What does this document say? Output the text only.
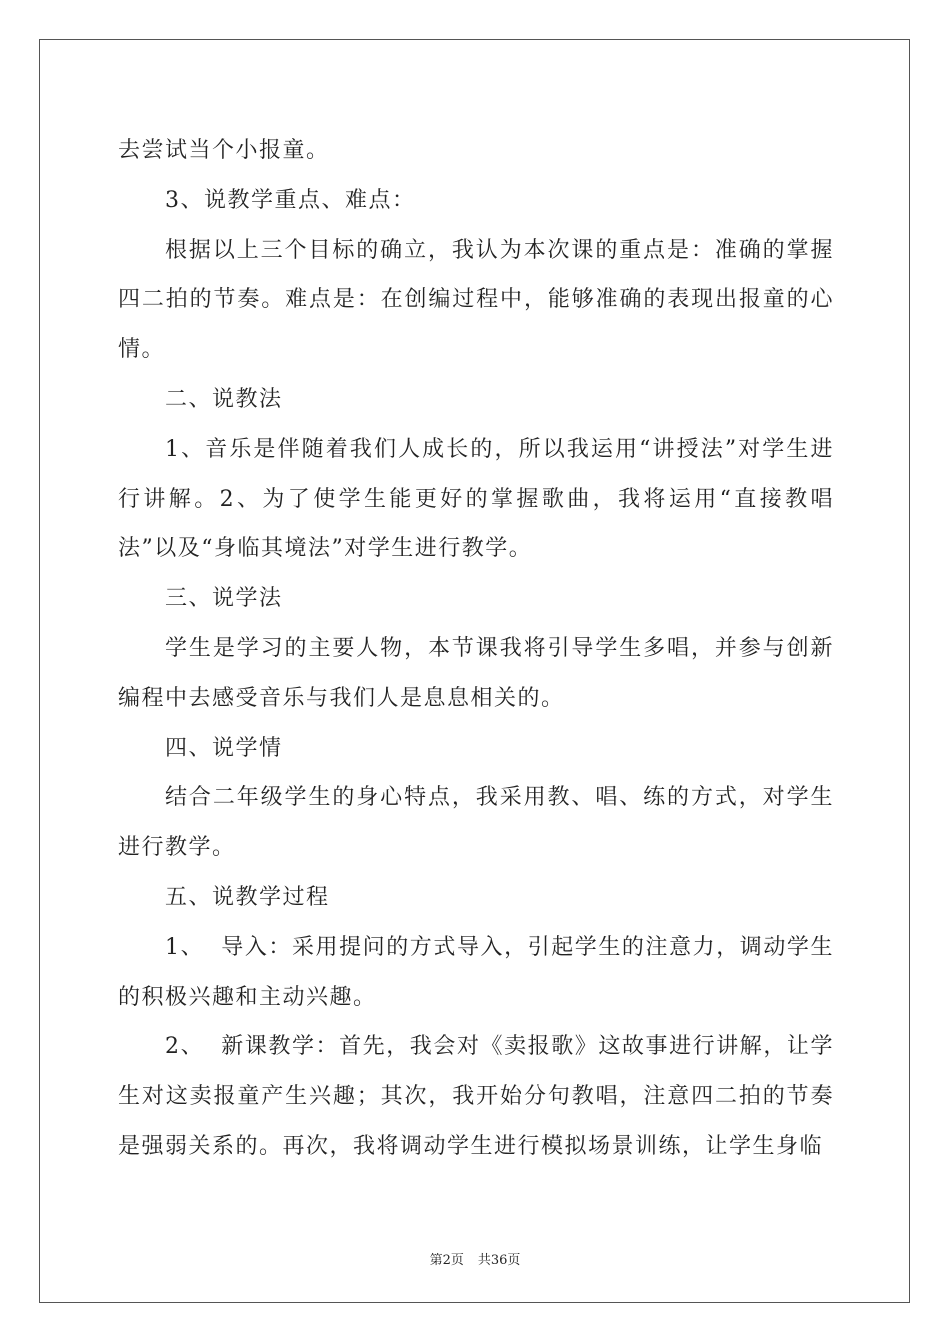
去尝试当个小报童。

3、说教学重点、难点：

根据以上三个目标的确立，我认为本次课的重点是：准确的掌握四二拍的节奏。难点是：在创编过程中，能够准确的表现出报童的心情。

二、说教法

1、音乐是伴随着我们人成长的，所以我运用“讲授法”对学生进行讲解。2、为了使学生能更好的掌握歌曲，我将运用“直接教唱法”以及“身临其境法”对学生进行教学。

三、说学法

学生是学习的主要人物，本节课我将引导学生多唱，并参与创新编程中去感受音乐与我们人是息息相关的。

四、说学情

结合二年级学生的身心特点，我采用教、唱、练的方式，对学生进行教学。

五、说教学过程

1、  导入：采用提问的方式导入，引起学生的注意力，调动学生的积极兴趣和主动兴趣。

2、  新课教学：首先，我会对《卖报歌》这故事进行讲解，让学生对这卖报童产生兴趣；其次，我开始分句教唱，注意四二拍的节奏是强弱关系的。再次，我将调动学生进行模拟场景训练，让学生身临

第2页 共36页
